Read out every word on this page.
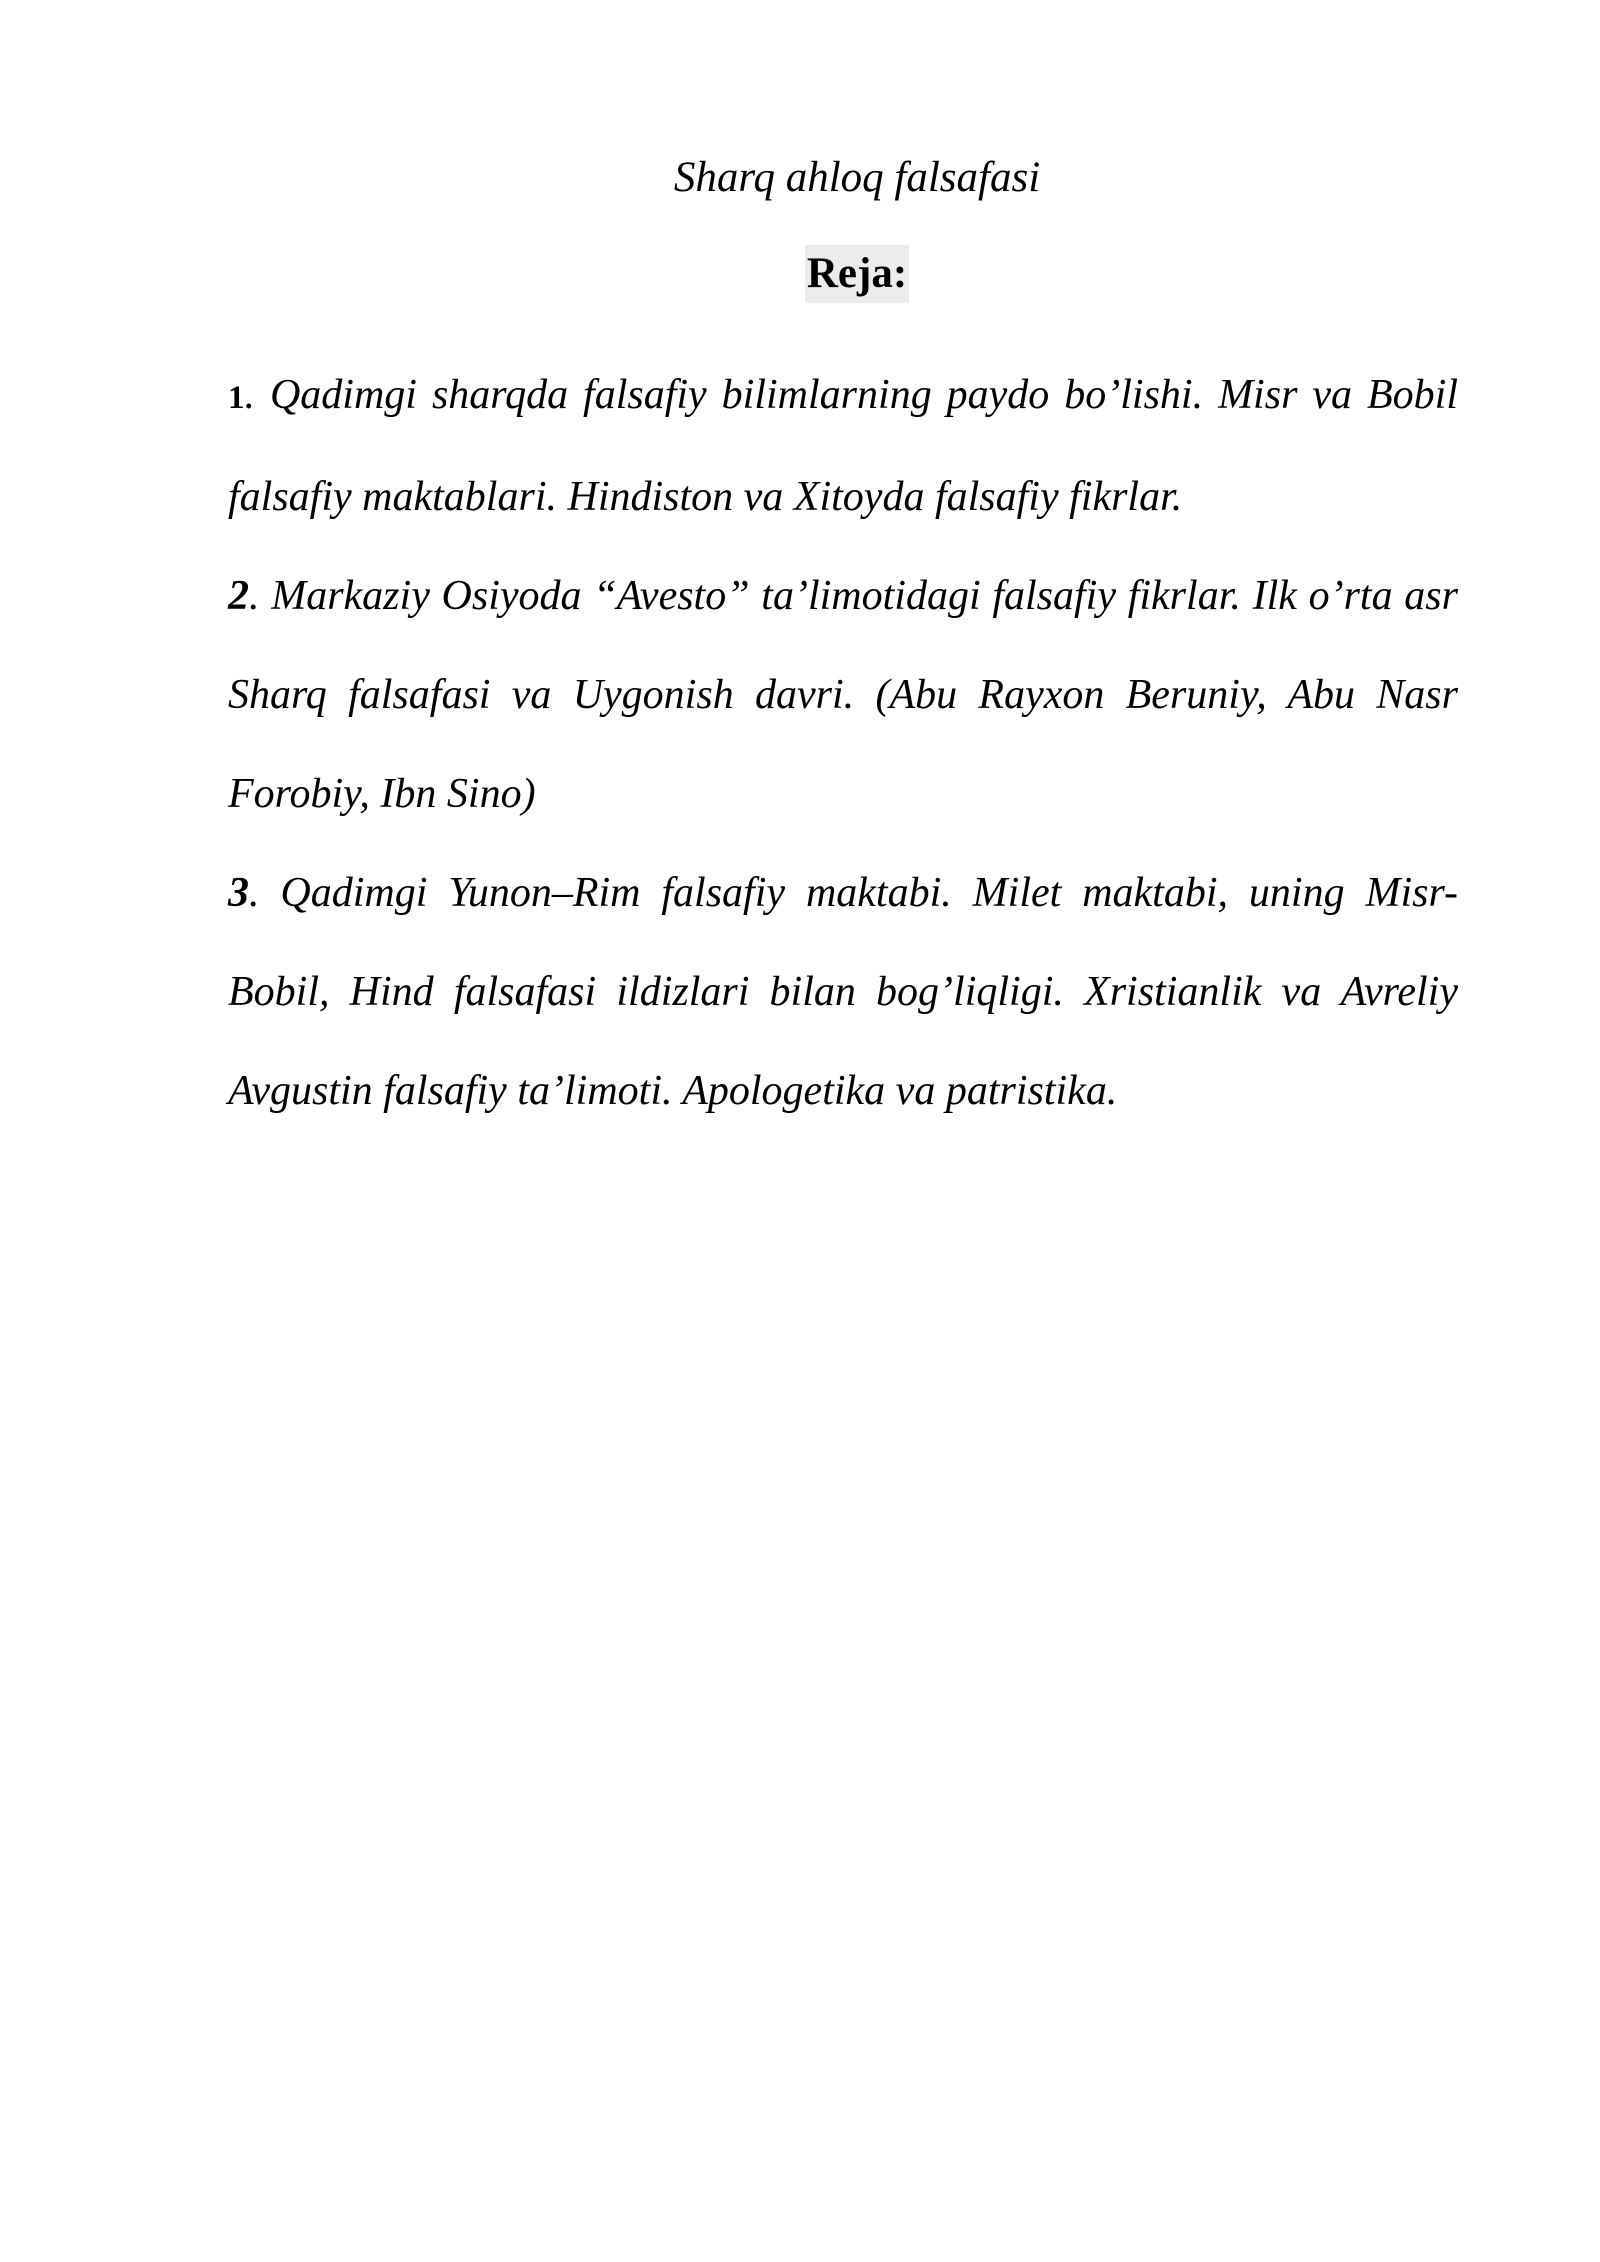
Sharq ahloq falsafasi
Reja:

1. Qadimgi sharqda falsafiy bilimlarning paydo bo’lishi. Misr va Bobil falsafiy maktablari. Hindiston va Xitoyda falsafiy fikrlar.

2. Markaziy Osiyoda “Avesto” ta’limotidagi falsafiy fikrlar. Ilk o’rta asr Sharq falsafasi va Uygonish davri. (Abu Rayxon Beruniy, Abu Nasr Forobiy, Ibn Sino)

3. Qadimgi Yunon–Rim falsafiy maktabi. Milet maktabi, uning Misr-Bobil, Hind falsafasi ildizlari bilan bog’liqligi. Xristianlik va Avreliy Avgustin falsafiy ta’limoti. Apologetika va patristika.
